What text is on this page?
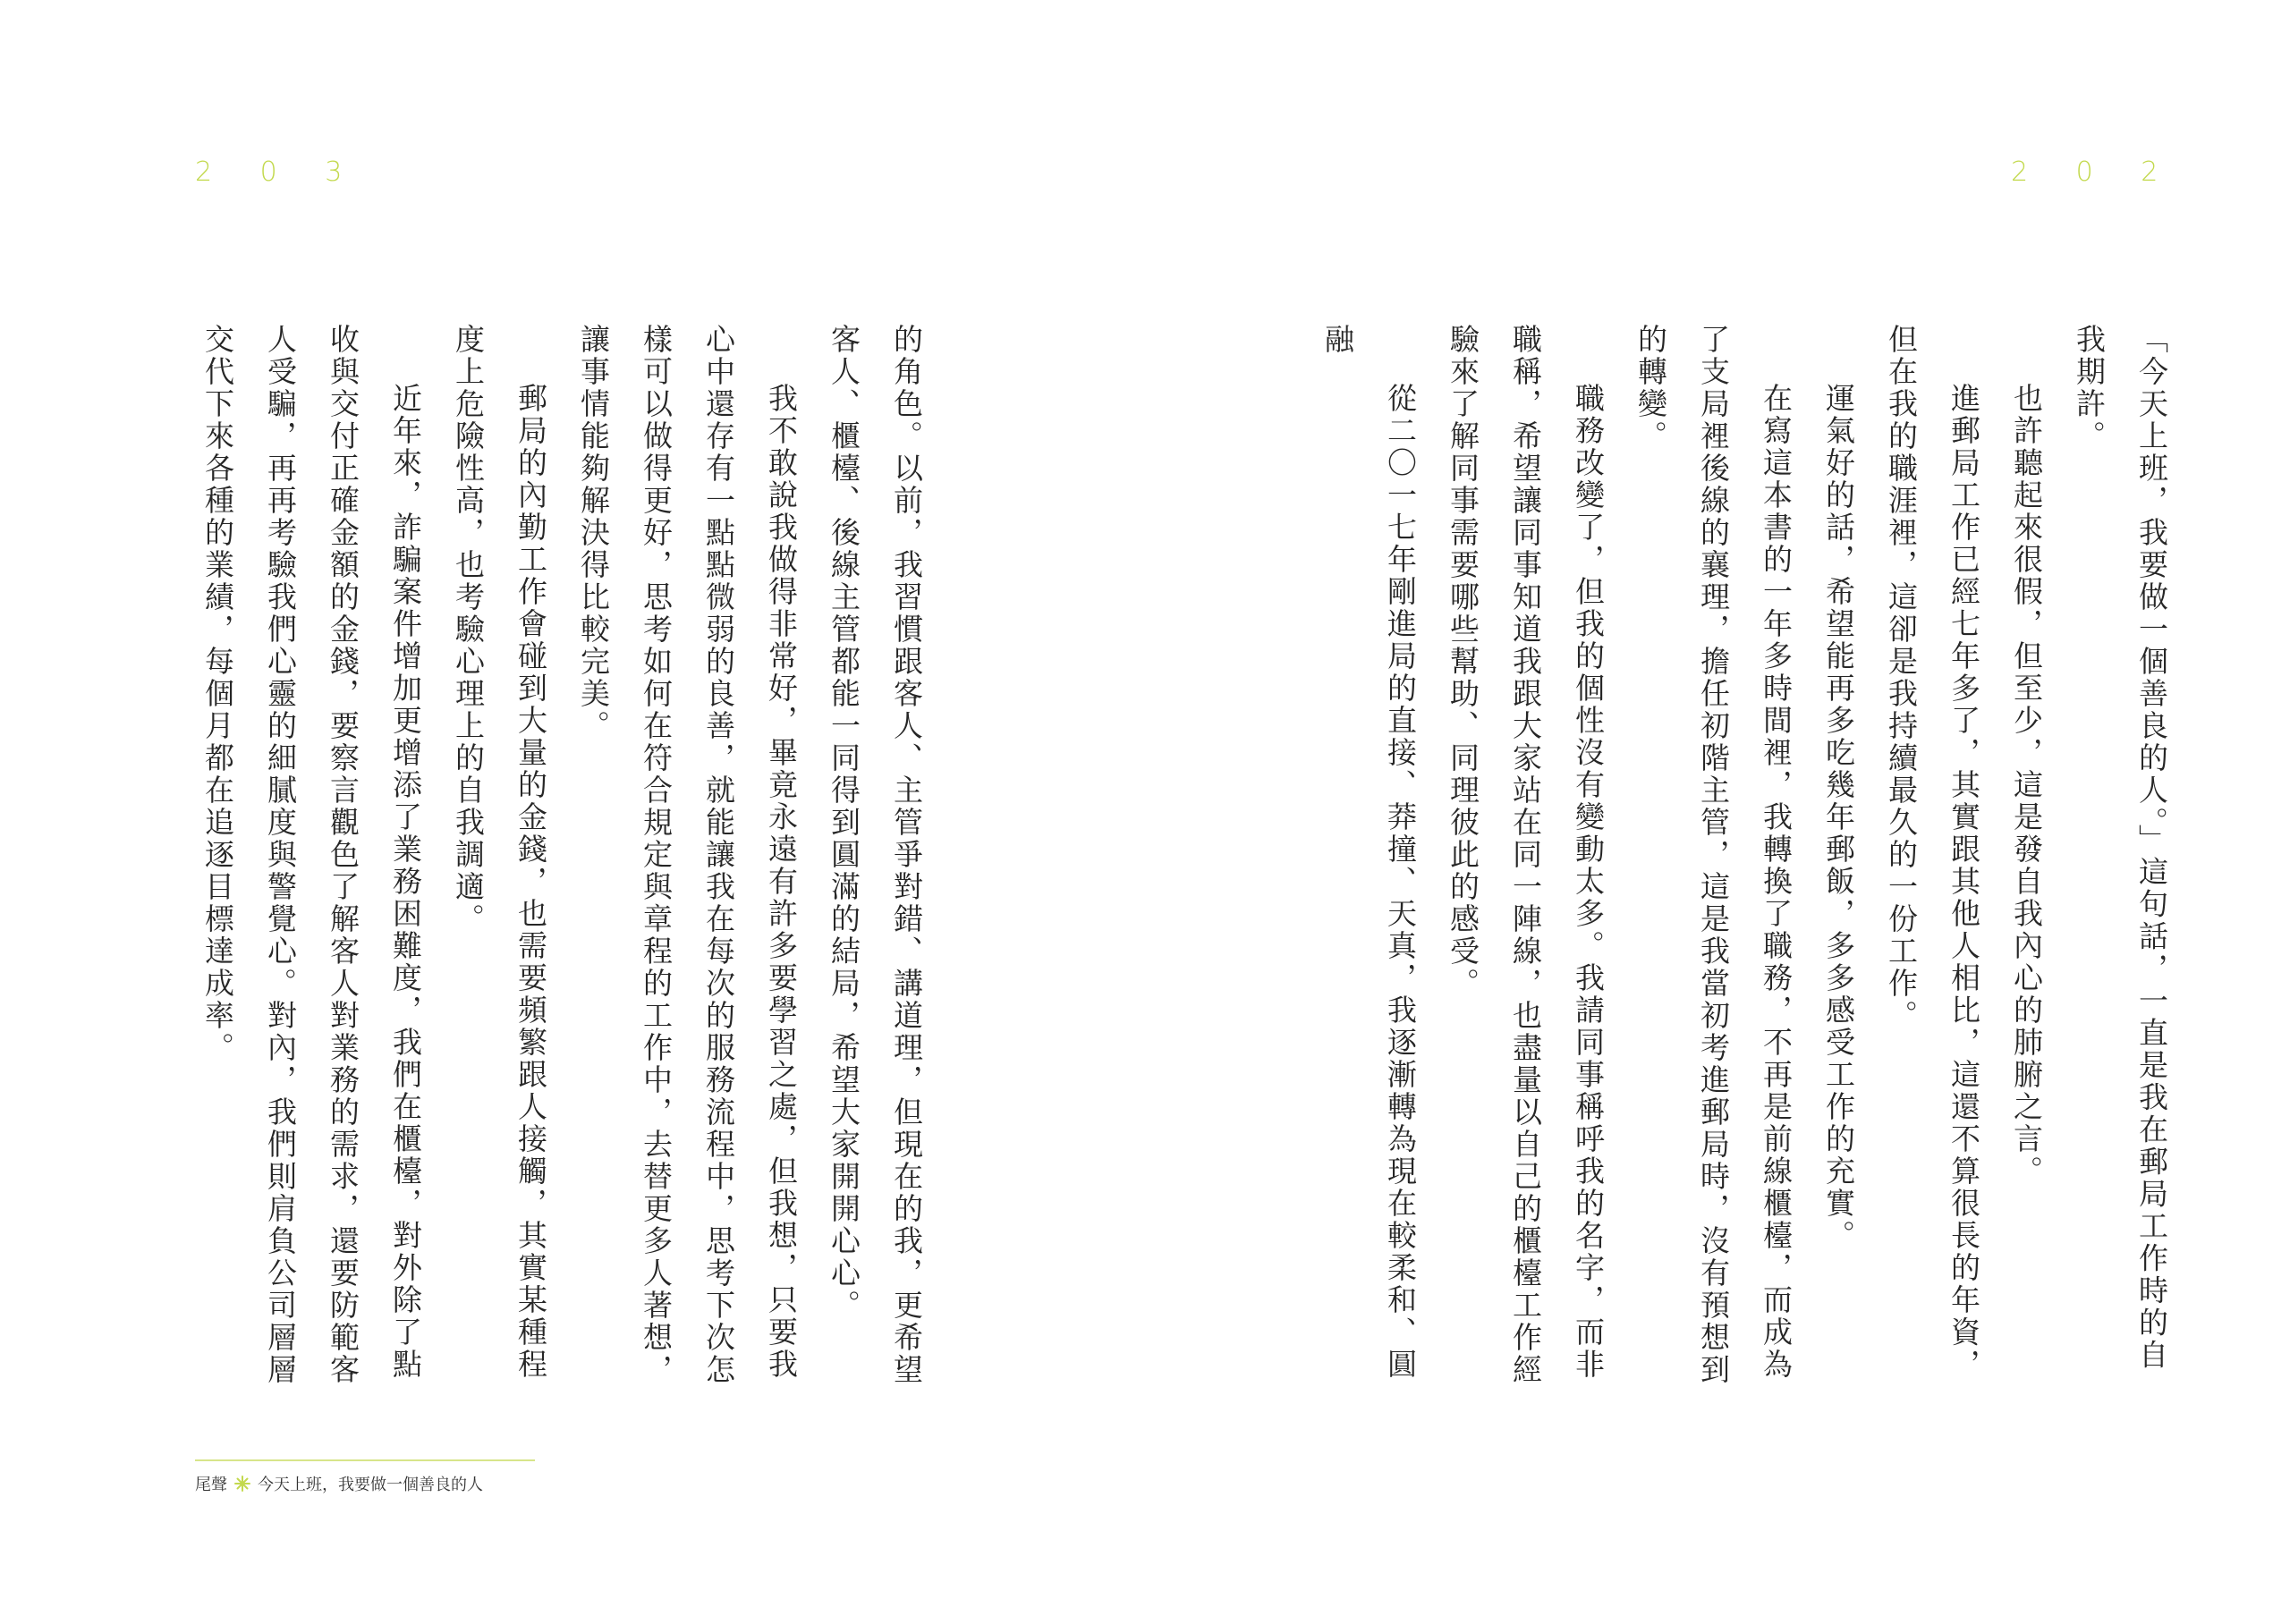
2 0 3	2 0 2

「今天上班，我要做一個善良的人。」這句話，一直是我在郵局工作時的自我期許。

也許聽起來很假，但至少，這是發自我內心的肺腑之言。

進郵局工作已經七年多了，其實跟其他人相比，這還不算很長的年資，但在我的職涯裡，這卻是我持續最久的一份工作。

運氣好的話，希望能再多吃幾年郵飯，多多感受工作的充實。

在寫這本書的一年多時間裡，我轉換了職務，不再是前線櫃檯，而成為了支局裡後線的襄理，擔任初階主管，這是我當初考進郵局時，沒有預想到的轉變。

職務改變了，但我的個性沒有變動太多。我請同事稱呼我的名字，而非職稱，希望讓同事知道我跟大家站在同一陣線，也盡量以自己的櫃檯工作經驗來了解同事需要哪些幫助、同理彼此的感受。

從二〇一七年剛進局的直接、莽撞、天真，我逐漸轉為現在較柔和、圓融

的角色。以前，我習慣跟客人、主管爭對錯、講道理，但現在的我，更希望客人、櫃檯、後線主管都能一同得到圓滿的結局，希望大家開開心心。

我不敢說我做得非常好，畢竟永遠有許多要學習之處，但我想，只要我心中還存有一點點微弱的良善，就能讓我在每次的服務流程中，思考下次怎樣可以做得更好，思考如何在符合規定與章程的工作中，去替更多人著想，讓事情能夠解決得比較完美。

郵局的內勤工作會碰到大量的金錢，也需要頻繁跟人接觸，其實某種程度上危險性高，也考驗心理上的自我調適。

近年來，詐騙案件增加更增添了業務困難度，我們在櫃檯，對外除了點收與交付正確金額的金錢，要察言觀色了解客人對業務的需求，還要防範客人受騙，再再考驗我們心靈的細膩度與警覺心。對內，我們則肩負公司層層交代下來各種的業績，每個月都在追逐目標達成率。

尾聲 今天上班，我要做一個善良的人
